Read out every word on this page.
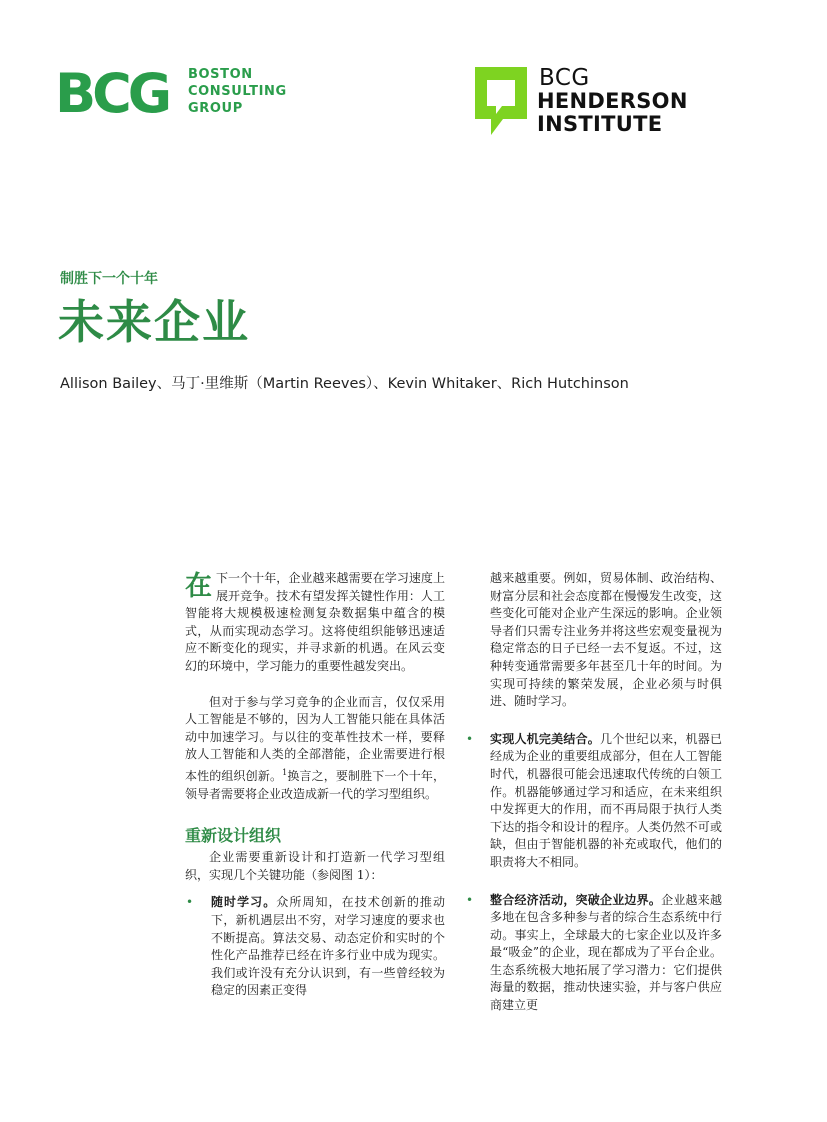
BCG BOSTON
CONSULTING
GROUP
BCG
HENDERSON
INSTITUTE
制胜下一个十年
未来企业
Allison Bailey、马丁·里维斯（Martin Reeves）、Kevin Whitaker、Rich Hutchinson

在下一个十年，企业越来越需要在学习速度上展开竞争。技术有望发挥关键性作用：人工智能将大规模极速检测复杂数据集中蕴含的模式，从而实现动态学习。这将使组织能够迅速适应不断变化的现实，并寻求新的机遇。在风云变幻的环境中，学习能力的重要性越发突出。

但对于参与学习竞争的企业而言，仅仅采用人工智能是不够的，因为人工智能只能在具体活动中加速学习。与以往的变革性技术一样，要释放人工智能和人类的全部潜能，企业需要进行根本性的组织创新。$^1$换言之，要制胜下一个十年，领导者需要将企业改造成新一代的学习型组织。

重新设计组织

企业需要重新设计和打造新一代学习型组织，实现几个关键功能（参阅图 1）：

• 随时学习。众所周知，在技术创新的推动下，新机遇层出不穷，对学习速度的要求也不断提高。算法交易、动态定价和实时的个性化产品推荐已经在许多行业中成为现实。我们或许没有充分认识到，有一些曾经较为稳定的因素正变得

越来越重要。例如，贸易体制、政治结构、财富分层和社会态度都在慢慢发生改变，这些变化可能对企业产生深远的影响。企业领导者们只需专注业务并将这些宏观变量视为稳定常态的日子已经一去不复返。不过，这种转变通常需要多年甚至几十年的时间。为实现可持续的繁荣发展，企业必须与时俱进、随时学习。

• 实现人机完美结合。几个世纪以来，机器已经成为企业的重要组成部分，但在人工智能时代，机器很可能会迅速取代传统的白领工作。机器能够通过学习和适应，在未来组织中发挥更大的作用，而不再局限于执行人类下达的指令和设计的程序。人类仍然不可或缺，但由于智能机器的补充或取代，他们的职责将大不相同。
• 整合经济活动，突破企业边界。企业越来越多地在包含多种参与者的综合生态系统中行动。事实上，全球最大的七家企业以及许多最“吸金”的企业，现在都成为了平台企业。生态系统极大地拓展了学习潜力：它们提供海量的数据，推动快速实验，并与客户供应商建立更
